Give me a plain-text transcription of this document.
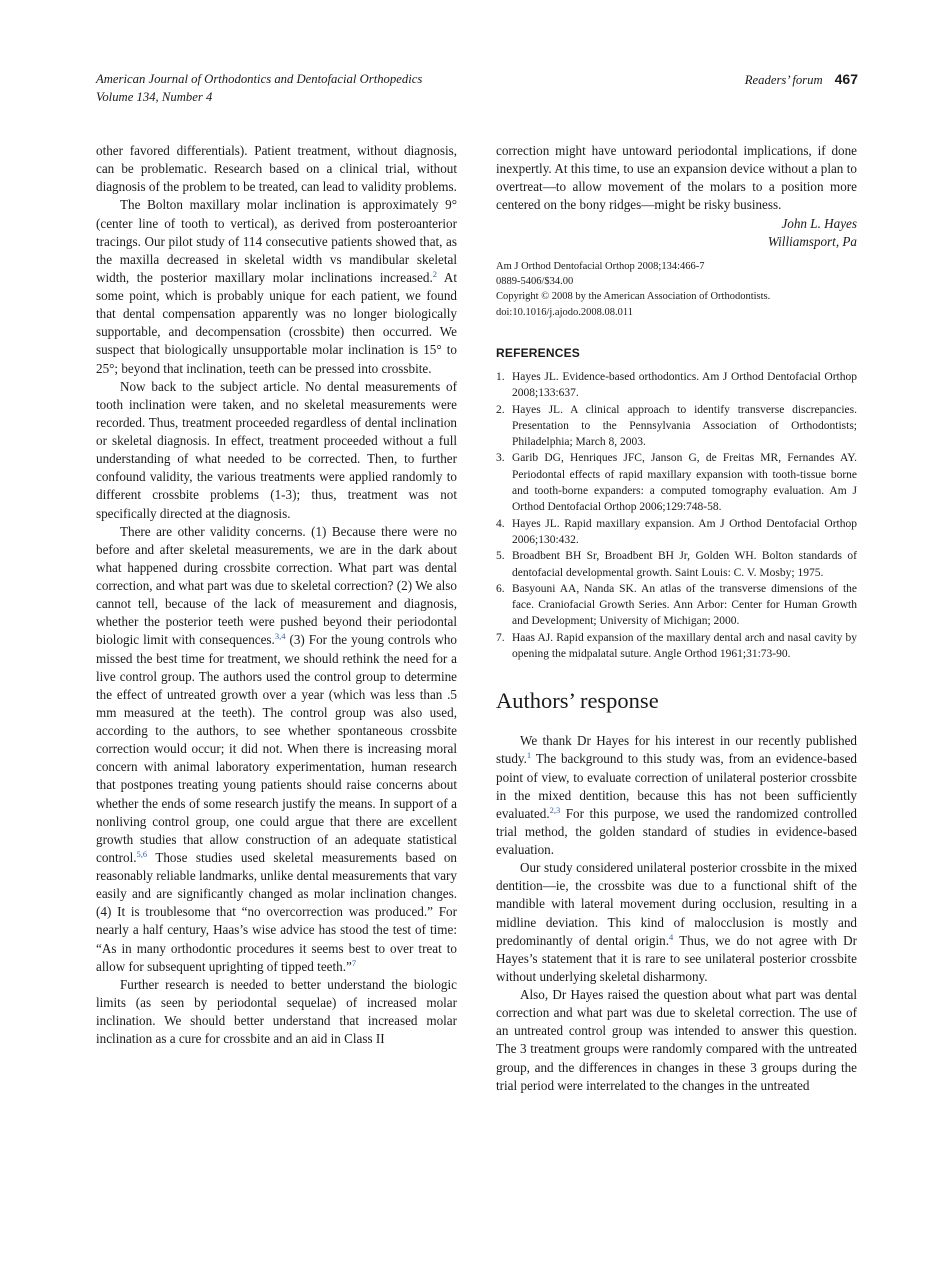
American Journal of Orthodontics and Dentofacial Orthopedics
Volume 134, Number 4
Readers’ forum 467

other favored differentials). Patient treatment, without diagnosis, can be problematic. Research based on a clinical trial, without diagnosis of the problem to be treated, can lead to validity problems.

The Bolton maxillary molar inclination is approximately 9° (center line of tooth to vertical), as derived from posteroanterior tracings. Our pilot study of 114 consecutive patients showed that, as the maxilla decreased in skeletal width vs mandibular skeletal width, the posterior maxillary molar inclinations increased.$^2$ At some point, which is probably unique for each patient, we found that dental compensation apparently was no longer biologically supportable, and decompensation (crossbite) then occurred. We suspect that biologically unsupportable molar inclination is 15° to 25°; beyond that inclination, teeth can be pressed into crossbite.

Now back to the subject article. No dental measurements of tooth inclination were taken, and no skeletal measurements were recorded. Thus, treatment proceeded regardless of dental inclination or skeletal diagnosis. In effect, treatment proceeded without a full understanding of what needed to be corrected. Then, to further confound validity, the various treatments were applied randomly to different crossbite problems (1-3); thus, treatment was not specifically directed at the diagnosis.

There are other validity concerns. (1) Because there were no before and after skeletal measurements, we are in the dark about what happened during crossbite correction. What part was dental correction, and what part was due to skeletal correction? (2) We also cannot tell, because of the lack of measurement and diagnosis, whether the posterior teeth were pushed beyond their periodontal biologic limit with consequences.$^{3,4}$ (3) For the young controls who missed the best time for treatment, we should rethink the need for a live control group. The authors used the control group to determine the effect of untreated growth over a year (which was less than .5 mm measured at the teeth). The control group was also used, according to the authors, to see whether spontaneous crossbite correction would occur; it did not. When there is increasing moral concern with animal laboratory experimentation, human research that postpones treating young patients should raise concerns about whether the ends of some research justify the means. In support of a nonliving control group, one could argue that there are excellent growth studies that allow construction of an adequate statistical control.$^{5,6}$ Those studies used skeletal measurements based on reasonably reliable landmarks, unlike dental measurements that vary easily and are significantly changed as molar inclination changes. (4) It is troublesome that “no overcorrection was produced.” For nearly a half century, Haas’s wise advice has stood the test of time: “As in many orthodontic procedures it seems best to over treat to allow for subsequent uprighting of tipped teeth.”$^7$

Further research is needed to better understand the biologic limits (as seen by periodontal sequelae) of increased molar inclination. We should better understand that increased molar inclination as a cure for crossbite and an aid in Class II

correction might have untoward periodontal implications, if done inexpertly. At this time, to use an expansion device without a plan to overtreat—to allow movement of the molars to a position more centered on the bony ridges—might be risky business.

John L. Hayes
Williamsport, Pa
Am J Orthod Dentofacial Orthop 2008;134:466-7
0889-5406/$34.00
Copyright © 2008 by the American Association of Orthodontists.
doi:10.1016/j.ajodo.2008.08.011
REFERENCES
1. Hayes JL. Evidence-based orthodontics. Am J Orthod Dentofacial Orthop 2008;133:637.
2. Hayes JL. A clinical approach to identify transverse discrepancies. Presentation to the Pennsylvania Association of Orthodontists; Philadelphia; March 8, 2003.
3. Garib DG, Henriques JFC, Janson G, de Freitas MR, Fernandes AY. Periodontal effects of rapid maxillary expansion with tooth-tissue borne and tooth-borne expanders: a computed tomography evaluation. Am J Orthod Dentofacial Orthop 2006;129:748-58.
4. Hayes JL. Rapid maxillary expansion. Am J Orthod Dentofacial Orthop 2006;130:432.
5. Broadbent BH Sr, Broadbent BH Jr, Golden WH. Bolton standards of dentofacial developmental growth. Saint Louis: C. V. Mosby; 1975.
6. Basyouni AA, Nanda SK. An atlas of the transverse dimensions of the face. Craniofacial Growth Series. Ann Arbor: Center for Human Growth and Development; University of Michigan; 2000.
7. Haas AJ. Rapid expansion of the maxillary dental arch and nasal cavity by opening the midpalatal suture. Angle Orthod 1961;31:73-90.
Authors’ response

We thank Dr Hayes for his interest in our recently published study.$^1$ The background to this study was, from an evidence-based point of view, to evaluate correction of unilateral posterior crossbite in the mixed dentition, because this has not been sufficiently evaluated.$^{2,3}$ For this purpose, we used the randomized controlled trial method, the golden standard of studies in evidence-based evaluation.

Our study considered unilateral posterior crossbite in the mixed dentition—ie, the crossbite was due to a functional shift of the mandible with lateral movement during occlusion, resulting in a midline deviation. This kind of malocclusion is mostly and predominantly of dental origin.$^4$ Thus, we do not agree with Dr Hayes’s statement that it is rare to see unilateral posterior crossbite without underlying skeletal disharmony.

Also, Dr Hayes raised the question about what part was dental correction and what part was due to skeletal correction. The use of an untreated control group was intended to answer this question. The 3 treatment groups were randomly compared with the untreated group, and the differences in changes in these 3 groups during the trial period were interrelated to the changes in the untreated
